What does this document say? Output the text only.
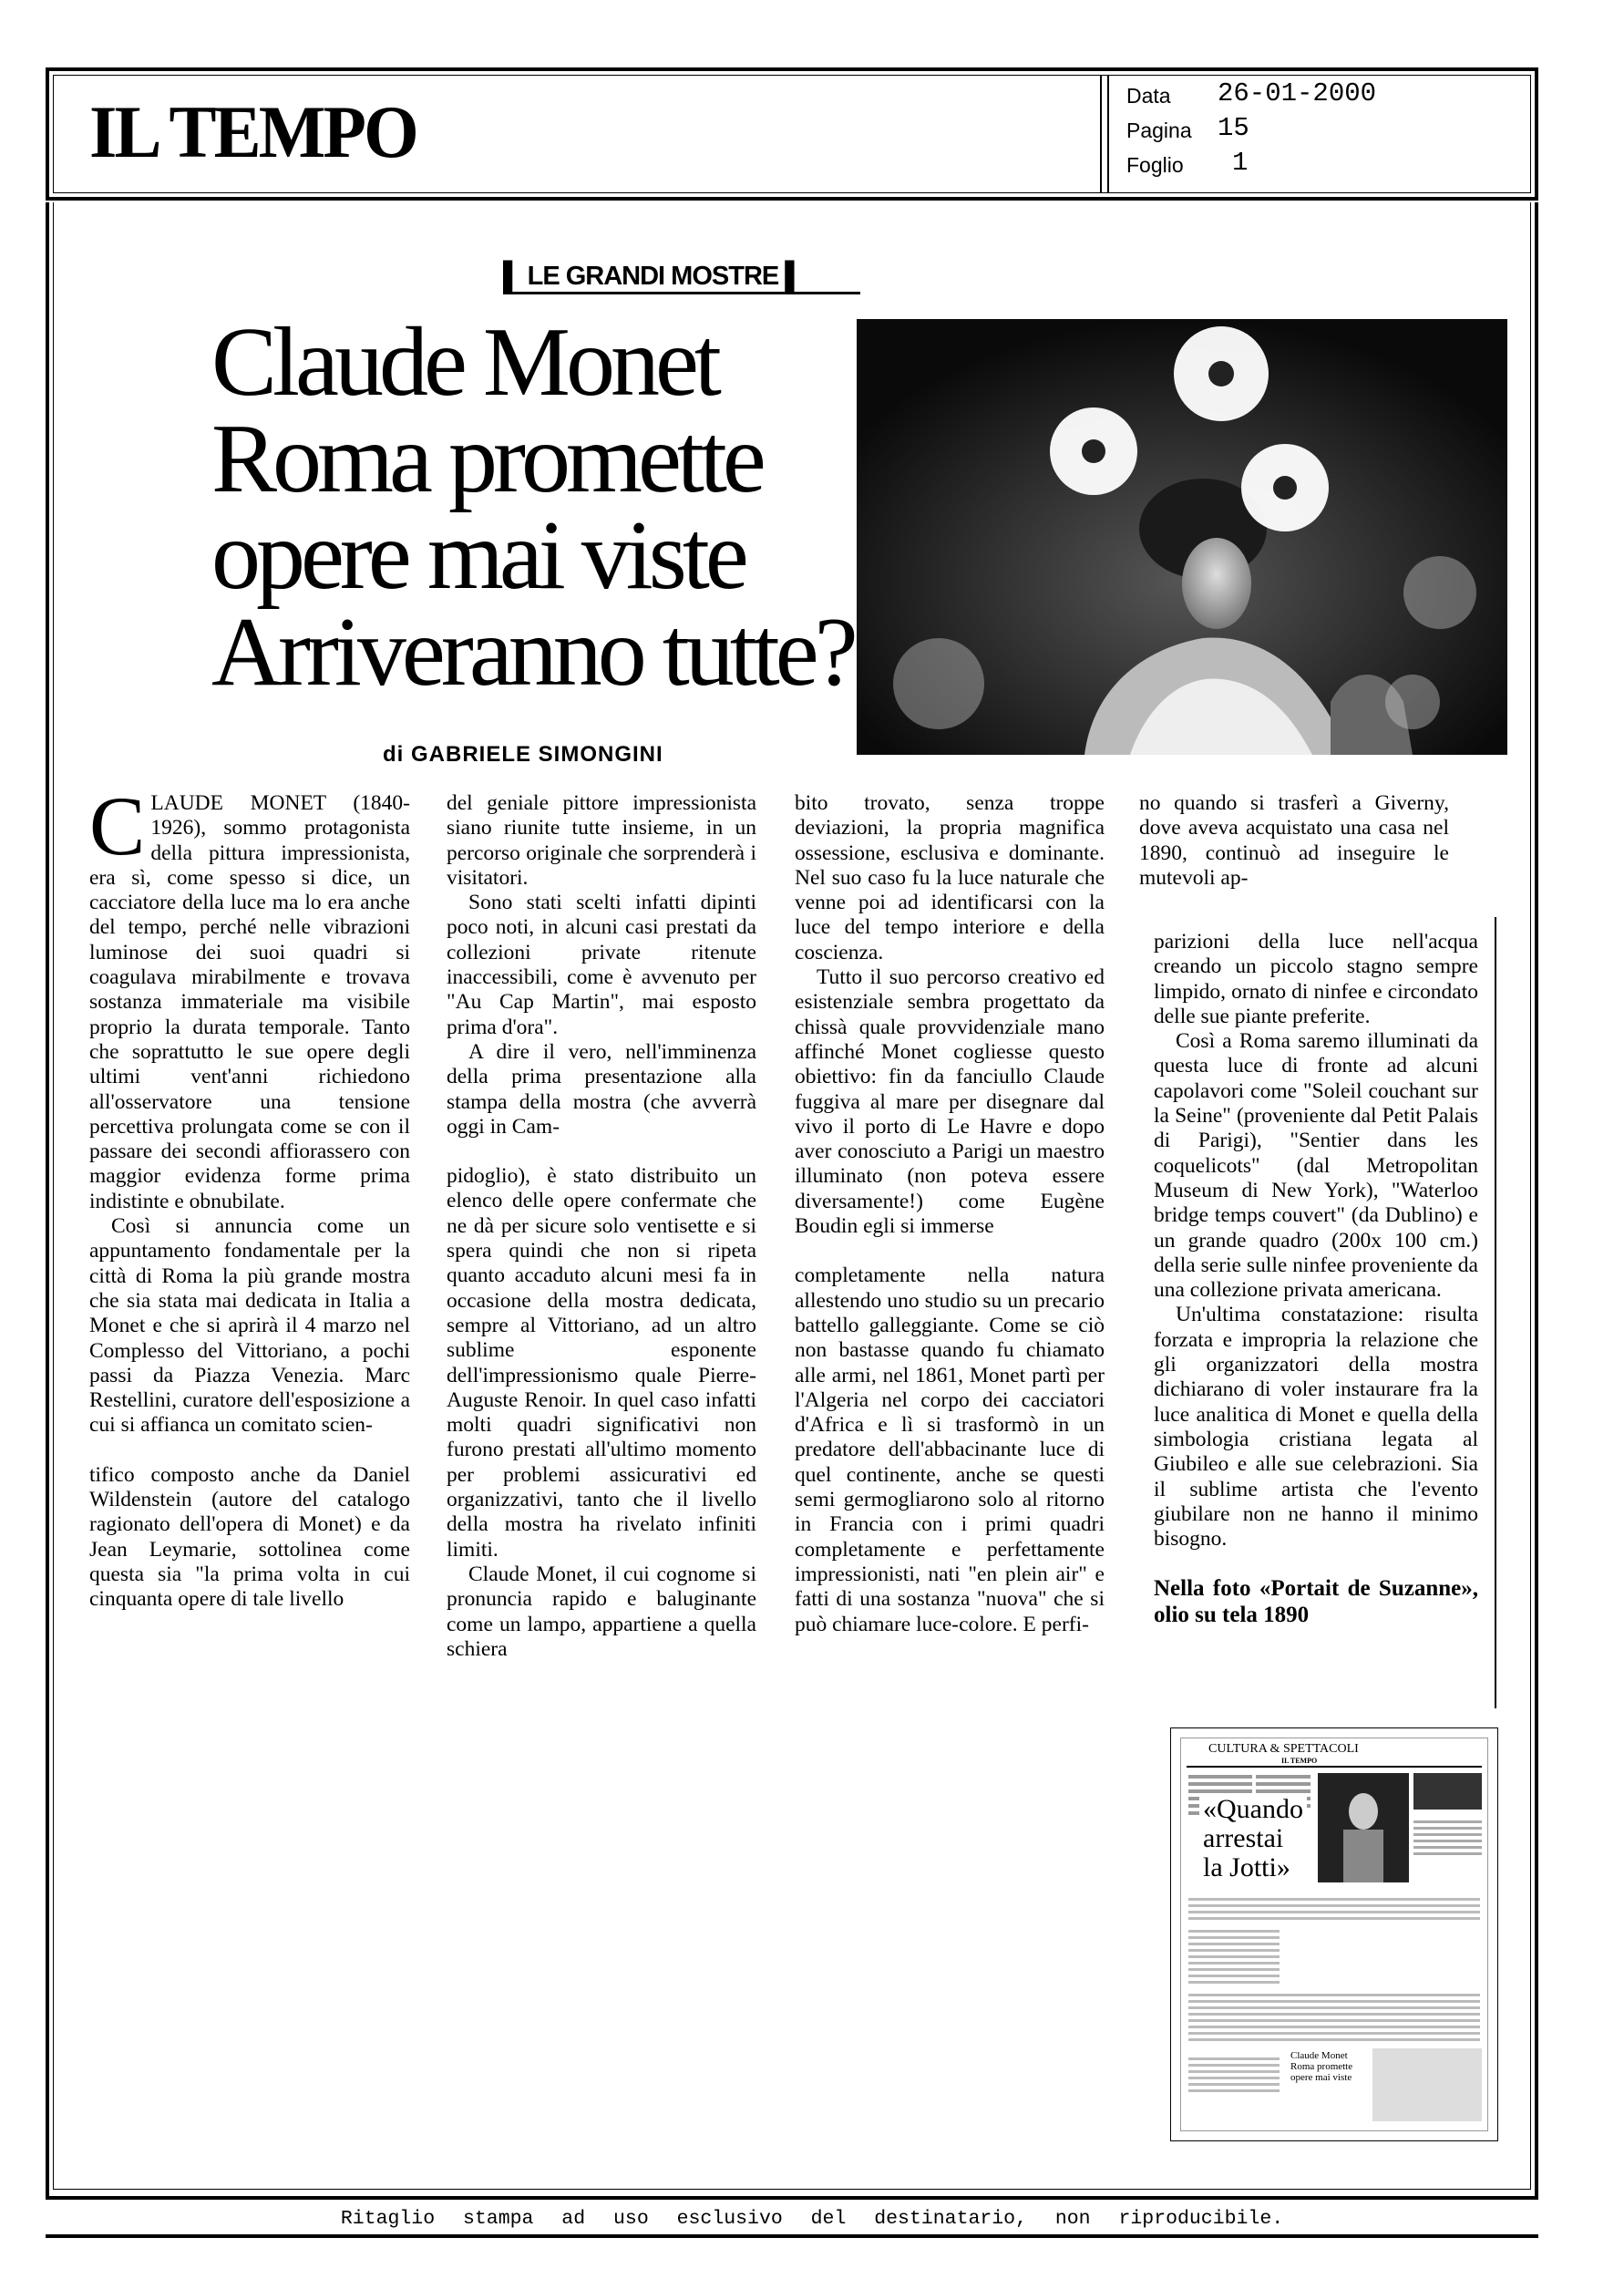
IL TEMPO	Data 26-01-2000
Pagina 15
Foglio 1
▌ LE GRANDI MOSTRE ▌
Claude Monet
Roma promette
opere mai viste
Arriveranno tutte?
di GABRIELE SIMONGINI

CLAUDE MONET (1840-1926), sommo protagonista della pittura impressionista, era sì, come spesso si dice, un cacciatore della luce ma lo era anche del tempo, perché nelle vibrazioni luminose dei suoi quadri si coagulava mirabilmente e trovava sostanza immateriale ma visibile proprio la durata temporale. Tanto che soprattutto le sue opere degli ultimi vent'anni richiedono all'osservatore una tensione percettiva prolungata come se con il passare dei secondi affiorassero con maggior evidenza forme prima indistinte e obnubilate.

Così si annuncia come un appuntamento fondamentale per la città di Roma la più grande mostra che sia stata mai dedicata in Italia a Monet e che si aprirà il 4 marzo nel Complesso del Vittoriano, a pochi passi da Piazza Venezia. Marc Restellini, curatore dell'esposizione a cui si affianca un comitato scien-

tifico composto anche da Daniel Wildenstein (autore del catalogo ragionato dell'opera di Monet) e da Jean Leymarie, sottolinea come questa sia "la prima volta in cui cinquanta opere di tale livello

del geniale pittore impressionista siano riunite tutte insieme, in un percorso originale che sorprenderà i visitatori.

Sono stati scelti infatti dipinti poco noti, in alcuni casi prestati da collezioni private ritenute inaccessibili, come è avvenuto per "Au Cap Martin", mai esposto prima d'ora".

A dire il vero, nell'imminenza della prima presentazione alla stampa della mostra (che avverrà oggi in Cam-

pidoglio), è stato distribuito un elenco delle opere confermate che ne dà per sicure solo ventisette e si spera quindi che non si ripeta quanto accaduto alcuni mesi fa in occasione della mostra dedicata, sempre al Vittoriano, ad un altro sublime esponente dell'impressionismo quale Pierre-Auguste Renoir. In quel caso infatti molti quadri significativi non furono prestati all'ultimo momento per problemi assicurativi ed organizzativi, tanto che il livello della mostra ha rivelato infiniti limiti.

Claude Monet, il cui cognome si pronuncia rapido e baluginante come un lampo, appartiene a quella schiera

bito trovato, senza troppe deviazioni, la propria magnifica ossessione, esclusiva e dominante. Nel suo caso fu la luce naturale che venne poi ad identificarsi con la luce del tempo interiore e della coscienza.

Tutto il suo percorso creativo ed esistenziale sembra progettato da chissà quale provvidenziale mano affinché Monet cogliesse questo obiettivo: fin da fanciullo Claude fuggiva al mare per disegnare dal vivo il porto di Le Havre e dopo aver conosciuto a Parigi un maestro illuminato (non poteva essere diversamente!) come Eugène Boudin egli si immerse

completamente nella natura allestendo uno studio su un precario battello galleggiante. Come se ciò non bastasse quando fu chiamato alle armi, nel 1861, Monet partì per l'Algeria nel corpo dei cacciatori d'Africa e lì si trasformò in un predatore dell'abbacinante luce di quel continente, anche se questi semi germogliarono solo al ritorno in Francia con i primi quadri completamente e perfettamente impressionisti, nati "en plein air" e fatti di una sostanza "nuova" che si può chiamare luce-colore. E perfi-

no quando si trasferì a Giverny, dove aveva acquistato una casa nel 1890, continuò ad inseguire le mutevoli ap-

parizioni della luce nell'acqua creando un piccolo stagno sempre limpido, ornato di ninfee e circondato delle sue piante preferite.

Così a Roma saremo illuminati da questa luce di fronte ad alcuni capolavori come "Soleil couchant sur la Seine" (proveniente dal Petit Palais di Parigi), "Sentier dans les coquelicots" (dal Metropolitan Museum di New York), "Waterloo bridge temps couvert" (da Dublino) e un grande quadro (200x 100 cm.) della serie sulle ninfee proveniente da una collezione privata americana.

Un'ultima constatazione: risulta forzata e impropria la relazione che gli organizzatori della mostra dichiarano di voler instaurare fra la luce analitica di Monet e quella della simbologia cristiana legata al Giubileo e alle sue celebrazioni. Sia il sublime artista che l'evento giubilare non ne hanno il minimo bisogno.

Nella foto «Portait de Suzanne», olio su tela 1890

CULTURA & SPETTACOLI
IL TEMPO
«Quando
arrestai
la Jotti»
Claude Monet
Roma promette
opere mai viste
Ritaglio stampa ad uso esclusivo del destinatario, non riproducibile.
